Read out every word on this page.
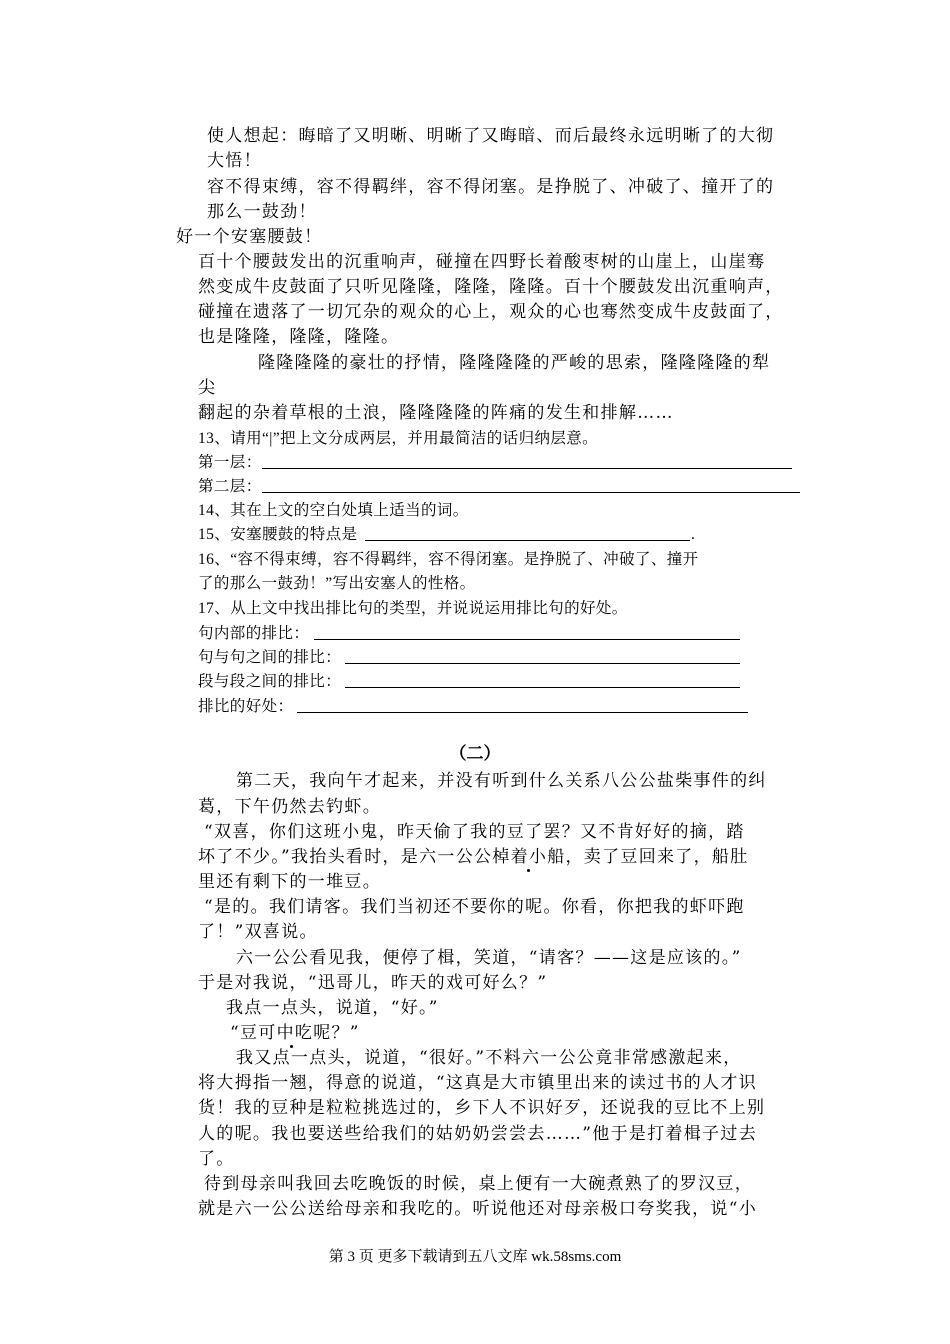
使人想起：晦暗了又明晰、明晰了又晦暗、而后最终永远明晰了的大彻
大悟！
容不得束缚，容不得羁绊，容不得闭塞。是挣脱了、冲破了、撞开了的
那么一鼓劲！
好一个安塞腰鼓！
百十个腰鼓发出的沉重响声，碰撞在四野长着酸枣树的山崖上，山崖骞
然变成牛皮鼓面了只听见隆隆，隆隆，隆隆。百十个腰鼓发出沉重响声，
碰撞在遗落了一切冗杂的观众的心上，观众的心也骞然变成牛皮鼓面了，
也是隆隆，隆隆，隆隆。
隆隆隆隆的豪壮的抒情，隆隆隆隆的严峻的思索，隆隆隆隆的犁
尖
翻起的杂着草根的土浪，隆隆隆隆的阵痛的发生和排解……
13、请用“|”把上文分成两层，并用最简洁的话归纳层意。
第一层：
第二层：
14、其在上文的空白处填上适当的词。
15、安塞腰鼓的特点是	.
16、“容不得束缚，容不得羁绊，容不得闭塞。是挣脱了、冲破了、撞开
了的那么一鼓劲！”写出安塞人的性格。
17、从上文中找出排比句的类型，并说说运用排比句的好处。
句内部的排比：
句与句之间的排比：
段与段之间的排比：
排比的好处：
（二）
第二天，我向午才起来，并没有听到什么关系八公公盐柴事件的纠
葛，下午仍然去钓虾。
“双喜，你们这班小鬼，昨天偷了我的豆了罢？又不肯好好的摘，踏
坏了不少。”我抬头看时，是六一公公棹着小船，卖了豆回来了，船肚
里还有剩下的一堆豆。
“是的。我们请客。我们当初还不要你的呢。你看，你把我的虾吓跑
了！”双喜说。
六一公公看见我，便停了楫，笑道，“请客？——这是应该的。”
于是对我说，“迅哥儿，昨天的戏可好么？”
我点一点头，说道，“好。”
“豆可中吃呢？”
我又点一点头，说道，“很好。”不料六一公公竟非常感激起来，
将大拇指一翘，得意的说道，“这真是大市镇里出来的读过书的人才识
货！我的豆种是粒粒挑选过的，乡下人不识好歹，还说我的豆比不上别
人的呢。我也要送些给我们的姑奶奶尝尝去……”他于是打着楫子过去
了。
待到母亲叫我回去吃晚饭的时候，桌上便有一大碗煮熟了的罗汉豆，
就是六一公公送给母亲和我吃的。听说他还对母亲极口夸奖我，说“小
第 3 页 更多下载请到五八文库 wk.58sms.com
